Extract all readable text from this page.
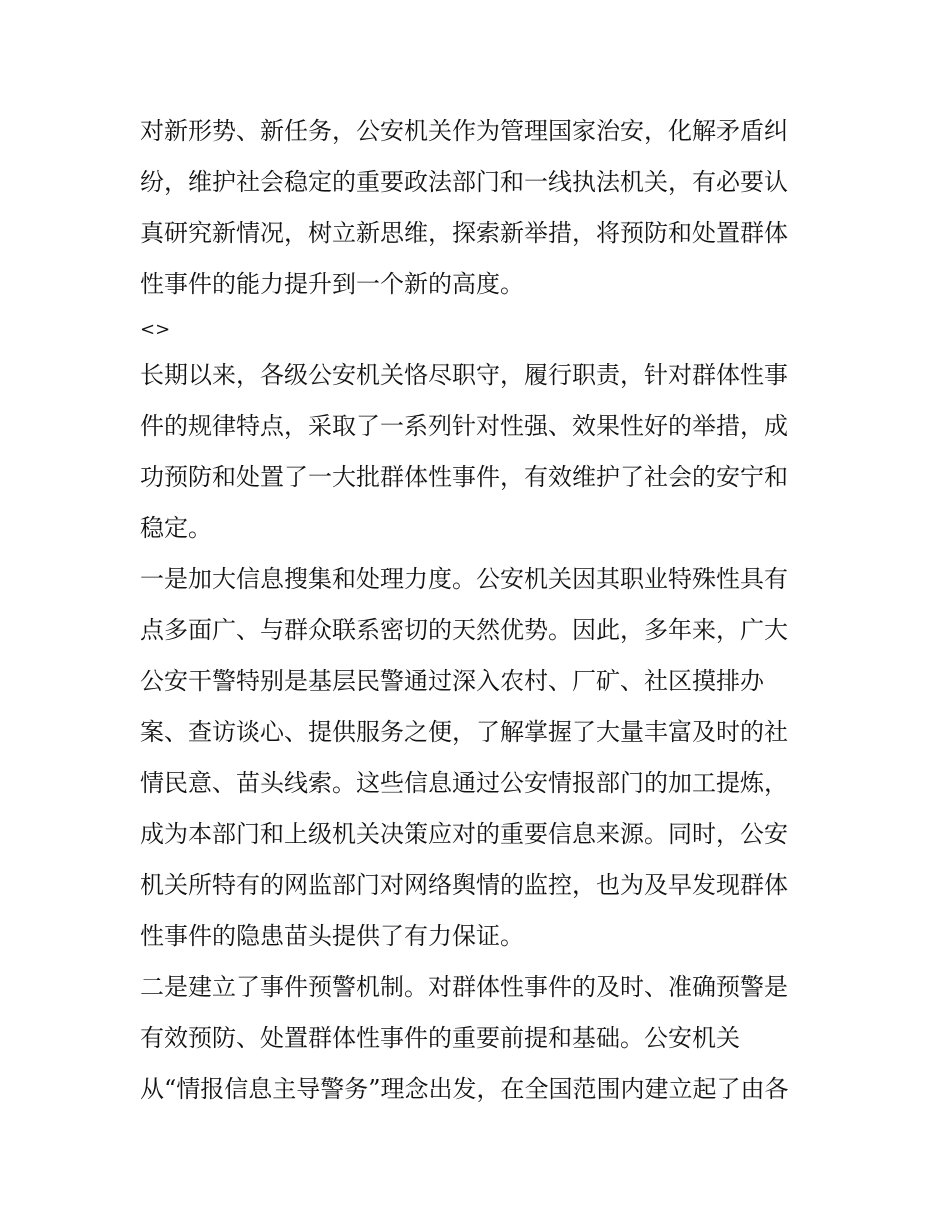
对新形势、新任务，公安机关作为管理国家治安，化解矛盾纠
纷，维护社会稳定的重要政法部门和一线执法机关，有必要认
真研究新情况，树立新思维，探索新举措，将预防和处置群体
性事件的能力提升到一个新的高度。
<>
长期以来，各级公安机关恪尽职守，履行职责，针对群体性事
件的规律特点，采取了一系列针对性强、效果性好的举措，成
功预防和处置了一大批群体性事件，有效维护了社会的安宁和
稳定。
一是加大信息搜集和处理力度。公安机关因其职业特殊性具有
点多面广、与群众联系密切的天然优势。因此，多年来，广大
公安干警特别是基层民警通过深入农村、厂矿、社区摸排办
案、查访谈心、提供服务之便，了解掌握了大量丰富及时的社
情民意、苗头线索。这些信息通过公安情报部门的加工提炼，
成为本部门和上级机关决策应对的重要信息来源。同时，公安
机关所特有的网监部门对网络舆情的监控，也为及早发现群体
性事件的隐患苗头提供了有力保证。
二是建立了事件预警机制。对群体性事件的及时、准确预警是
有效预防、处置群体性事件的重要前提和基础。公安机关
从“情报信息主导警务”理念出发，在全国范围内建立起了由各
